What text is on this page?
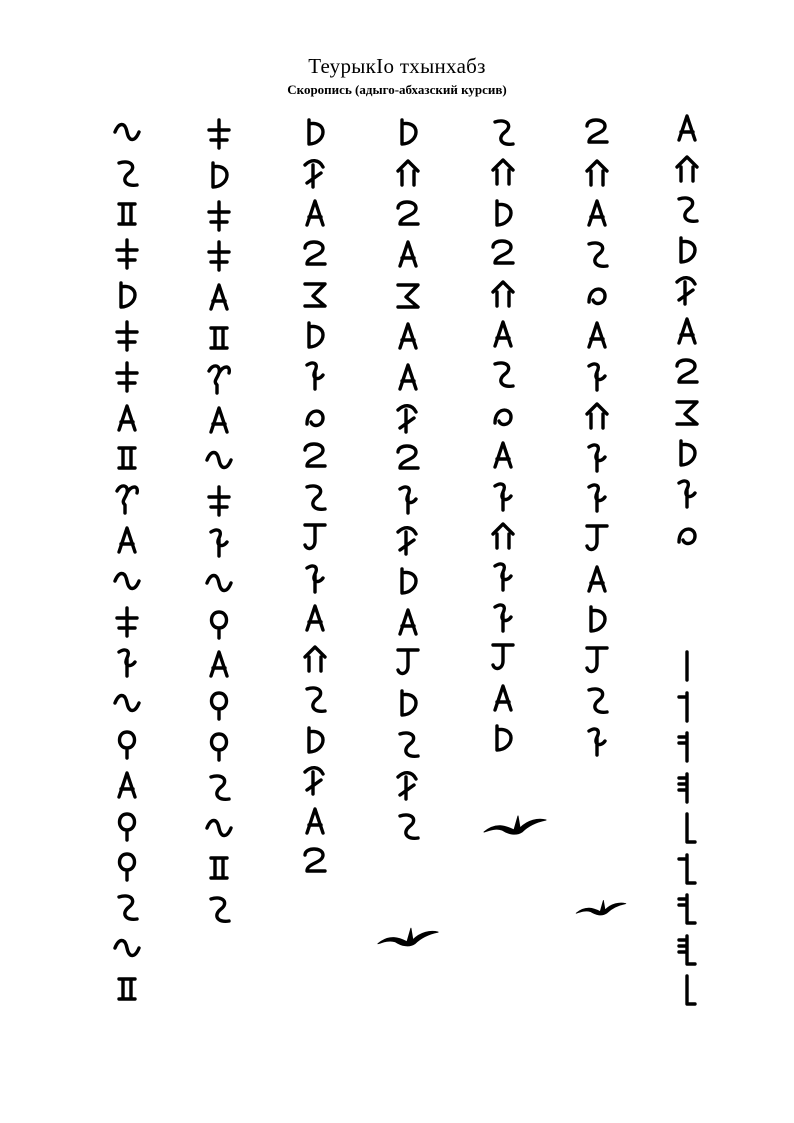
ТеурыкIо тхынхабз
Скоропись (адыго-абхазский курсив)
